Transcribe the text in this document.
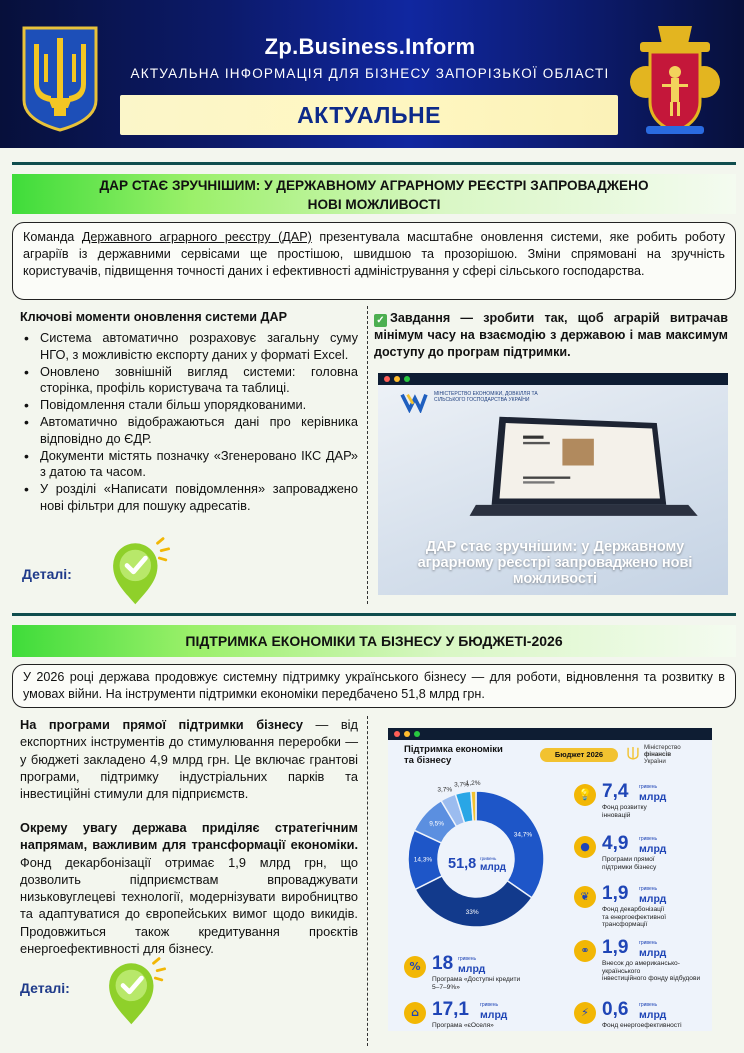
Zp.Business.Inform
АКТУАЛЬНА ІНФОРМАЦІЯ ДЛЯ БІЗНЕСУ ЗАПОРІЗЬКОЇ ОБЛАСТІ
АКТУАЛЬНЕ
ДАР СТАЄ ЗРУЧНІШИМ: У ДЕРЖАВНОМУ АГРАРНОМУ РЕЄСТРІ ЗАПРОВАДЖЕНО
НОВІ МОЖЛИВОСТІ
Команда Державного аграрного реєстру (ДАР) презентувала масштабне оновлення системи, яке робить роботу аграріїв із державними сервісами ще простішою, швидшою та прозорішою. Зміни спрямовані на зручність користувачів, підвищення точності даних і ефективності адміністрування у сфері сільського господарства.
Ключові моменти оновлення системи ДАР
• Система автоматично розраховує загальну суму НГО, з можливістю експорту даних у форматі Excel.
• Оновлено зовнішній вигляд системи: головна сторінка, профіль користувача та таблиці.
• Повідомлення стали більш упорядкованими.
• Автоматично відображаються дані про керівника відповідно до ЄДР.
• Документи містять позначку «Згенеровано ІКС ДАР» з датою та часом.
• У розділі «Написати повідомлення» запроваджено нові фільтри для пошуку адресатів.
Деталі:
✓ Завдання — зробити так, щоб аграрій витрачав мінімум часу на взаємодію з державою і мав максимум доступу до програм підтримки.
МІНІСТЕРСТВО ЕКОНОМІКИ, ДОВКІЛЛЯ ТА СІЛЬСЬКОГО ГОСПОДАРСТВА УКРАЇНИ
ДАР стає зручнішим: у Державному аграрному реєстрі запроваджено нові можливості
ПІДТРИМКА ЕКОНОМІКИ ТА БІЗНЕСУ У БЮДЖЕТІ-2026
У 2026 році держава продовжує системну підтримку українського бізнесу — для роботи, відновлення та розвитку в умовах війни. На інструменти підтримки економіки передбачено 51,8 млрд грн.
На програми прямої підтримки бізнесу — від експортних інструментів до стимулювання переробки — у бюджеті закладено 4,9 млрд грн. Це включає грантові програми, підтримку індустріальних парків та інвестиційні стимули для підприємств.
Окрему увагу держава приділяє стратегічним напрямам, важливим для трансформації економіки. Фонд декарбонізації отримає 1,9 млрд грн, що дозволить підприємствам впроваджувати низьковуглецеві технології, модернізувати виробництво та адаптуватися до європейських вимог щодо викидів. Продовжиться також кредитування проєктів енергоефективності для бізнесу.
Деталі:
Підтримка економіки
та бізнесу
Бюджет 2026
Міністерство
фінансів
України
34,7%
33%
14,3%
9,5%
3,7%
3,7%
1,2%
51,8 гривень
млрд
💡 7,4 гривень
млрд
Фонд розвитку
інновацій
● 4,9 гривень
млрд
Програми прямої
підтримки бізнесу
❦ 1,9 гривень
млрд
Фонд декарбонізації
та енергоефективної
трансформації
⚭ 1,9 гривень
млрд
Внесок до американсько-
українського
інвестиційного фонду відбудови
% 18 гривень
млрд
Програма «Доступні кредити
5–7–9%»
⚡ 0,6 гривень
млрд
Фонд енергоефективності
⌂ 17,1 гривень
млрд
Програма «єОселя»
